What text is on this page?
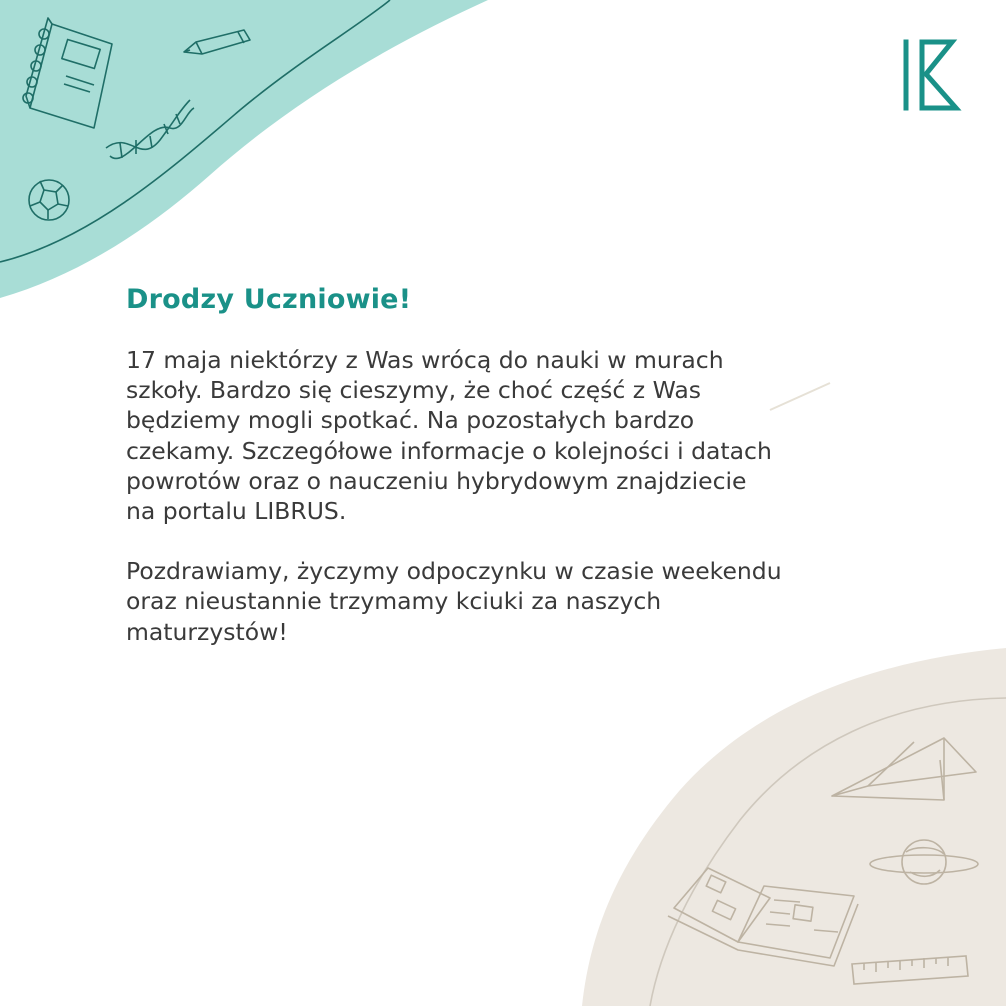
Drodzy Uczniowie!

17 maja niektórzy z Was wrócą do nauki w murach
szkoły. Bardzo się cieszymy, że choć część z Was
będziemy mogli spotkać. Na pozostałych bardzo
czekamy. Szczegółowe informacje o kolejności i datach
powrotów oraz o nauczeniu hybrydowym znajdziecie
na portalu LIBRUS.

Pozdrawiamy, życzymy odpoczynku w czasie weekendu
oraz nieustannie trzymamy kciuki za naszych
maturzystów!
